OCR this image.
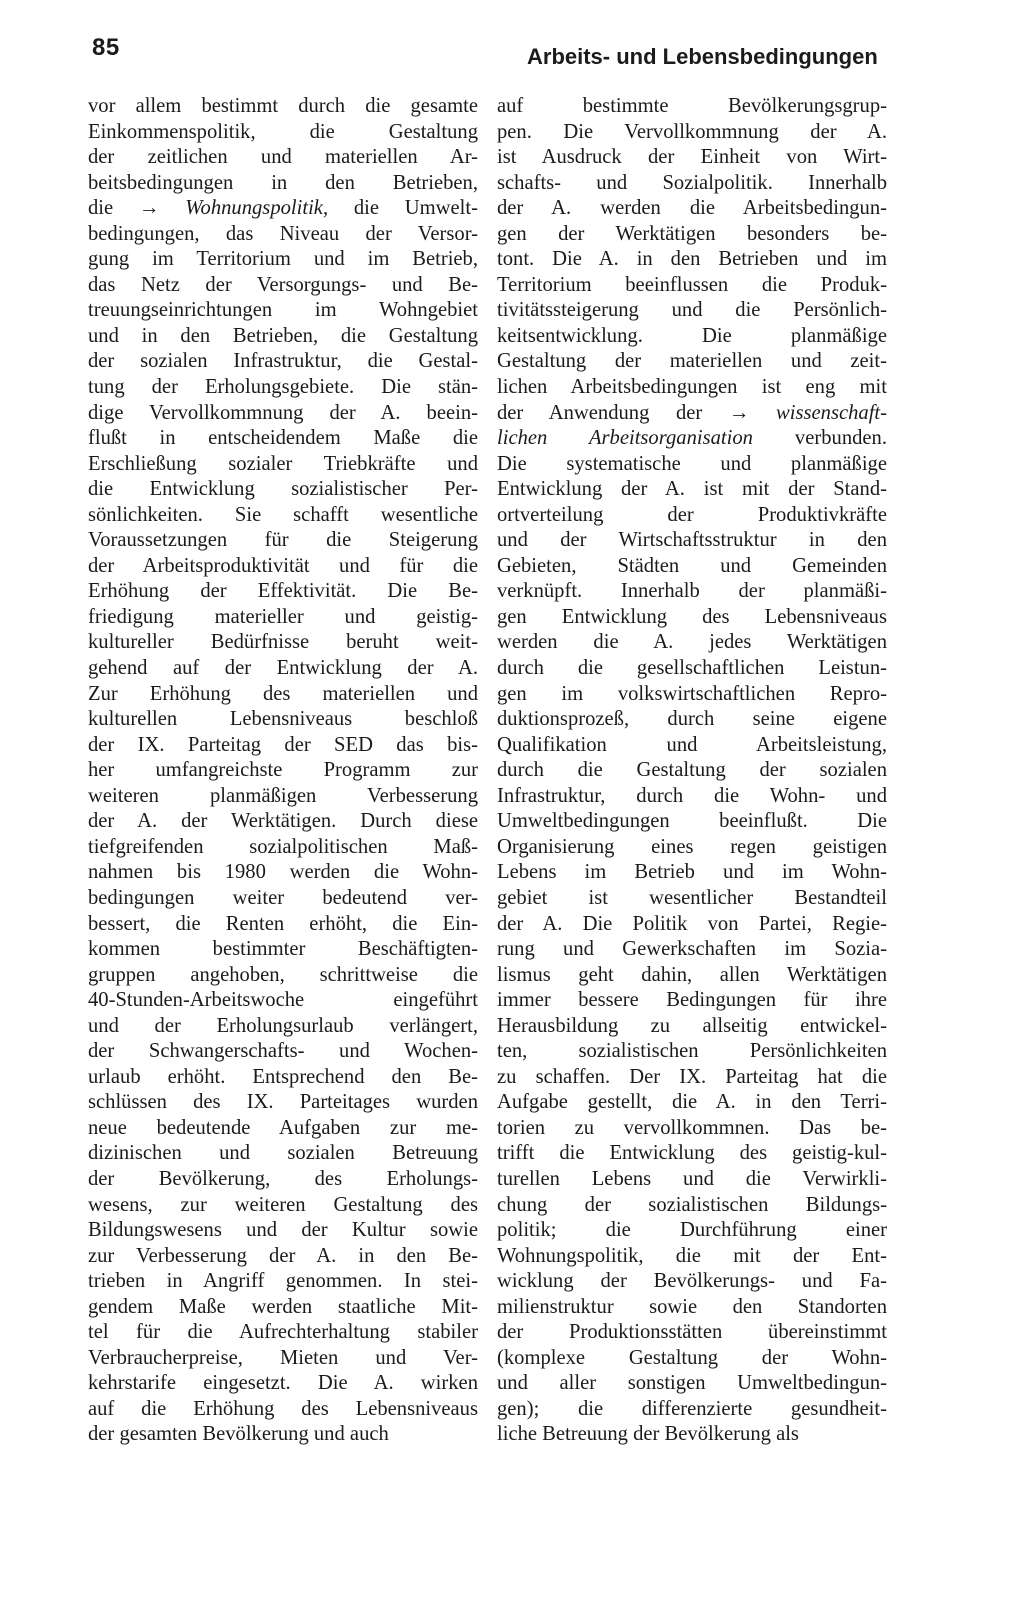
85	Arbeits- und Lebensbedingungen
vor allem bestimmt durch die gesamte
Einkommenspolitik, die Gestaltung
der zeitlichen und materiellen Ar-
beitsbedingungen in den Betrieben,
die → Wohnungspolitik, die Umwelt-
bedingungen, das Niveau der Versor-
gung im Territorium und im Betrieb,
das Netz der Versorgungs- und Be-
treuungseinrichtungen im Wohngebiet
und in den Betrieben, die Gestaltung
der sozialen Infrastruktur, die Gestal-
tung der Erholungsgebiete. Die stän-
dige Vervollkommnung der A. beein-
flußt in entscheidendem Maße die
Erschließung sozialer Triebkräfte und
die Entwicklung sozialistischer Per-
sönlichkeiten. Sie schafft wesentliche
Voraussetzungen für die Steigerung
der Arbeitsproduktivität und für die
Erhöhung der Effektivität. Die Be-
friedigung materieller und geistig-
kultureller Bedürfnisse beruht weit-
gehend auf der Entwicklung der A.
Zur Erhöhung des materiellen und
kulturellen Lebensniveaus beschloß
der IX. Parteitag der SED das bis-
her umfangreichste Programm zur
weiteren planmäßigen Verbesserung
der A. der Werktätigen. Durch diese
tiefgreifenden sozialpolitischen Maß-
nahmen bis 1980 werden die Wohn-
bedingungen weiter bedeutend ver-
bessert, die Renten erhöht, die Ein-
kommen bestimmter Beschäftigten-
gruppen angehoben, schrittweise die
40-Stunden-Arbeitswoche eingeführt
und der Erholungsurlaub verlängert,
der Schwangerschafts- und Wochen-
urlaub erhöht. Entsprechend den Be-
schlüssen des IX. Parteitages wurden
neue bedeutende Aufgaben zur me-
dizinischen und sozialen Betreuung
der Bevölkerung, des Erholungs-
wesens, zur weiteren Gestaltung des
Bildungswesens und der Kultur sowie
zur Verbesserung der A. in den Be-
trieben in Angriff genommen. In stei-
gendem Maße werden staatliche Mit-
tel für die Aufrechterhaltung stabiler
Verbraucherpreise, Mieten und Ver-
kehrstarife eingesetzt. Die A. wirken
auf die Erhöhung des Lebensniveaus
der gesamten Bevölkerung und auch
auf bestimmte Bevölkerungsgrup-
pen. Die Vervollkommnung der A.
ist Ausdruck der Einheit von Wirt-
schafts- und Sozialpolitik. Innerhalb
der A. werden die Arbeitsbedingun-
gen der Werktätigen besonders be-
tont. Die A. in den Betrieben und im
Territorium beeinflussen die Produk-
tivitätssteigerung und die Persönlich-
keitsentwicklung. Die planmäßige
Gestaltung der materiellen und zeit-
lichen Arbeitsbedingungen ist eng mit
der Anwendung der → wissenschaft-
lichen Arbeitsorganisation verbunden.
Die systematische und planmäßige
Entwicklung der A. ist mit der Stand-
ortverteilung der Produktivkräfte
und der Wirtschaftsstruktur in den
Gebieten, Städten und Gemeinden
verknüpft. Innerhalb der planmäßi-
gen Entwicklung des Lebensniveaus
werden die A. jedes Werktätigen
durch die gesellschaftlichen Leistun-
gen im volkswirtschaftlichen Repro-
duktionsprozeß, durch seine eigene
Qualifikation und Arbeitsleistung,
durch die Gestaltung der sozialen
Infrastruktur, durch die Wohn- und
Umweltbedingungen beeinflußt. Die
Organisierung eines regen geistigen
Lebens im Betrieb und im Wohn-
gebiet ist wesentlicher Bestandteil
der A. Die Politik von Partei, Regie-
rung und Gewerkschaften im Sozia-
lismus geht dahin, allen Werktätigen
immer bessere Bedingungen für ihre
Herausbildung zu allseitig entwickel-
ten, sozialistischen Persönlichkeiten
zu schaffen. Der IX. Parteitag hat die
Aufgabe gestellt, die A. in den Terri-
torien zu vervollkommnen. Das be-
trifft die Entwicklung des geistig-kul-
turellen Lebens und die Verwirkli-
chung der sozialistischen Bildungs-
politik; die Durchführung einer
Wohnungspolitik, die mit der Ent-
wicklung der Bevölkerungs- und Fa-
milienstruktur sowie den Standorten
der Produktionsstätten übereinstimmt
(komplexe Gestaltung der Wohn-
und aller sonstigen Umweltbedingun-
gen); die differenzierte gesundheit-
liche Betreuung der Bevölkerung als
